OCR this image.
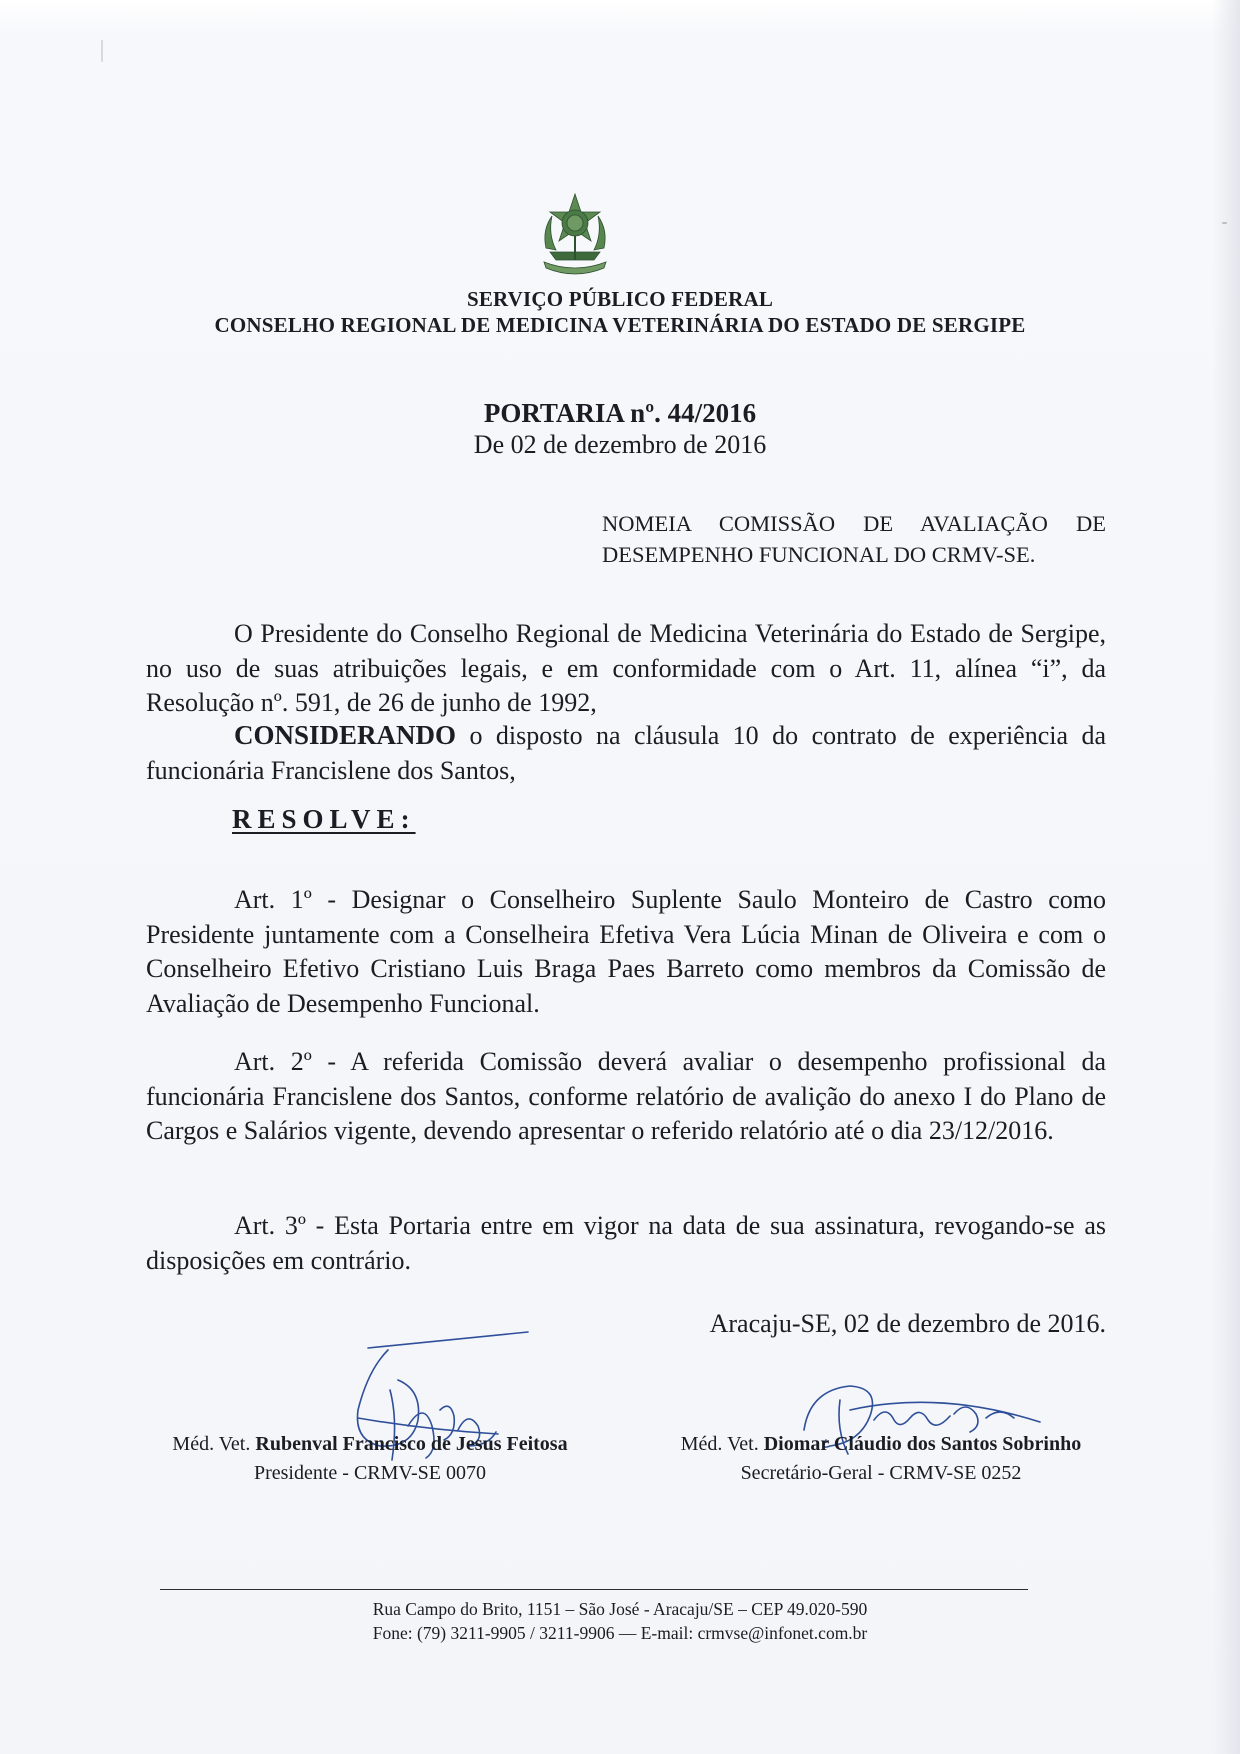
SERVIÇO PÚBLICO FEDERAL
CONSELHO REGIONAL DE MEDICINA VETERINÁRIA DO ESTADO DE SERGIPE
PORTARIA nº. 44/2016
De 02 de dezembro de 2016
NOMEIA COMISSÃO DE AVALIAÇÃO DE
DESEMPENHO FUNCIONAL DO CRMV-SE.

O Presidente do Conselho Regional de Medicina Veterinária do Estado de Sergipe, no uso de suas atribuições legais, e em conformidade com o Art. 11, alínea “i”, da Resolução nº. 591, de 26 de junho de 1992,

CONSIDERANDO o disposto na cláusula 10 do contrato de experiência da funcionária Francislene dos Santos,

RESOLVE:

Art. 1º - Designar o Conselheiro Suplente Saulo Monteiro de Castro como Presidente juntamente com a Conselheira Efetiva Vera Lúcia Minan de Oliveira e com o Conselheiro Efetivo Cristiano Luis Braga Paes Barreto como membros da Comissão de Avaliação de Desempenho Funcional.

Art. 2º - A referida Comissão deverá avaliar o desempenho profissional da funcionária Francislene dos Santos, conforme relatório de avalição do anexo I do Plano de Cargos e Salários vigente, devendo apresentar o referido relatório até o dia 23/12/2016.

Art. 3º - Esta Portaria entre em vigor na data de sua assinatura, revogando-se as disposições em contrário.

Aracaju-SE, 02 de dezembro de 2016.
Méd. Vet. Rubenval Francisco de Jesus Feitosa
Presidente - CRMV-SE 0070
Méd. Vet. Diomar Cláudio dos Santos Sobrinho
Secretário-Geral - CRMV-SE 0252
Rua Campo do Brito, 1151 – São José - Aracaju/SE – CEP 49.020-590
Fone: (79) 3211-9905 / 3211-9906 — E-mail: crmvse@infonet.com.br
